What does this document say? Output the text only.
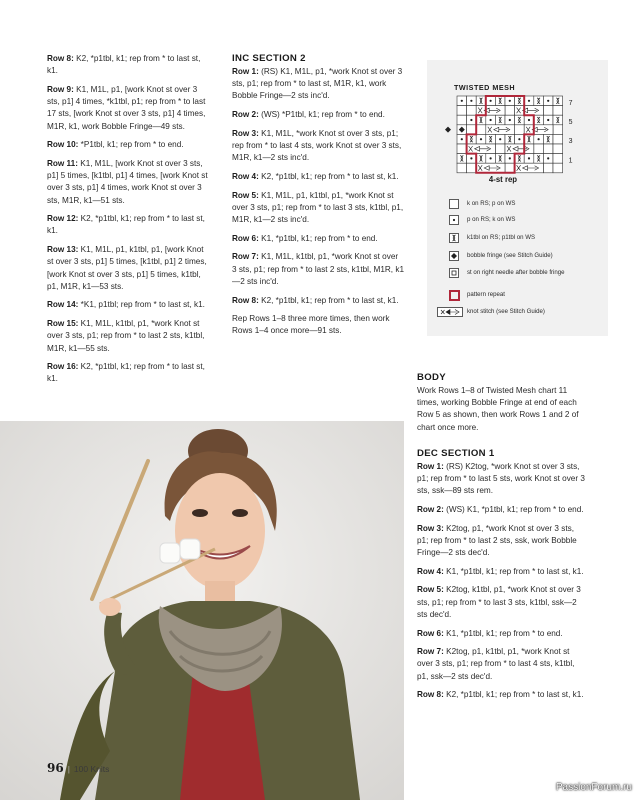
Row 8: K2, *p1tbl, k1; rep from * to last st, k1.

Row 9: K1, M1L, p1, [work Knot st over 3 sts, p1] 4 times, *k1tbl, p1; rep from * to last 17 sts, [work Knot st over 3 sts, p1] 4 times, M1R, k1, work Bobble Fringe—49 sts.

Row 10: *P1tbl, k1; rep from * to end.

Row 11: K1, M1L, [work Knot st over 3 sts, p1] 5 times, [k1tbl, p1] 4 times, [work Knot st over 3 sts, p1] 4 times, work Knot st over 3 sts, M1R, k1—51 sts.

Row 12: K2, *p1tbl, k1; rep from * to last st, k1.

Row 13: K1, M1L, p1, k1tbl, p1, [work Knot st over 3 sts, p1] 5 times, [k1tbl, p1] 2 times, [work Knot st over 3 sts, p1] 5 times, k1tbl, p1, M1R, k1—53 sts.

Row 14: *K1, p1tbl; rep from * to last st, k1.

Row 15: K1, M1L, k1tbl, p1, *work Knot st over 3 sts, p1; rep from * to last 2 sts, k1tbl, M1R, k1—55 sts.

Row 16: K2, *p1tbl, k1; rep from * to last st, k1.

INC SECTION 2

Row 1: (RS) K1, M1L, p1, *work Knot st over 3 sts, p1; rep from * to last st, M1R, k1, work Bobble Fringe—2 sts inc'd.

Row 2: (WS) *P1tbl, k1; rep from * to end.

Row 3: K1, M1L, *work Knot st over 3 sts, p1; rep from * to last 4 sts, work Knot st over 3 sts, M1R, k1—2 sts inc'd.

Row 4: K2, *p1tbl, k1; rep from * to last st, k1.

Row 5: K1, M1L, p1, k1tbl, p1, *work Knot st over 3 sts, p1; rep from * to last 3 sts, k1tbl, p1, M1R, k1—2 sts inc'd.

Row 6: K1, *p1tbl, k1; rep from * to end.

Row 7: K1, M1L, k1tbl, p1, *work Knot st over 3 sts, p1; rep from * to last 2 sts, k1tbl, M1R, k1—2 sts inc'd.

Row 8: K2, *p1tbl, k1; rep from * to last st, k1.

Rep Rows 1–8 three more times, then work Rows 1–4 once more—91 sts.

TWISTED MESH
7
5
3
1
4-st rep
k on RS; p on WS
p on RS; k on WS
k1tbl on RS; p1tbl on WS
bobble fringe (see Stitch Guide)
st on right needle after bobble fringe
pattern repeat
knot stitch (see Stitch Guide)
BODY

Work Rows 1–8 of Twisted Mesh chart 11 times, working Bobble Fringe at end of each Row 5 as shown, then work Rows 1 and 2 of chart once more.

DEC SECTION 1

Row 1: (RS) K2tog, *work Knot st over 3 sts, p1; rep from * to last 5 sts, work Knot st over 3 sts, ssk—89 sts rem.

Row 2: (WS) K1, *p1tbl, k1; rep from * to end.

Row 3: K2tog, p1, *work Knot st over 3 sts, p1; rep from * to last 2 sts, ssk, work Bobble Fringe—2 sts dec'd.

Row 4: K1, *p1tbl, k1; rep from * to last st, k1.

Row 5: K2tog, k1tbl, p1, *work Knot st over 3 sts, p1; rep from * to last 3 sts, k1tbl, ssk—2 sts dec'd.

Row 6: K1, *p1tbl, k1; rep from * to end.

Row 7: K2tog, p1, k1tbl, p1, *work Knot st over 3 sts, p1; rep from * to last 4 sts, k1tbl, p1, ssk—2 sts dec'd.

Row 8: K2, *p1tbl, k1; rep from * to last st, k1.

96 | 100 Knits
PassionForum.ru
